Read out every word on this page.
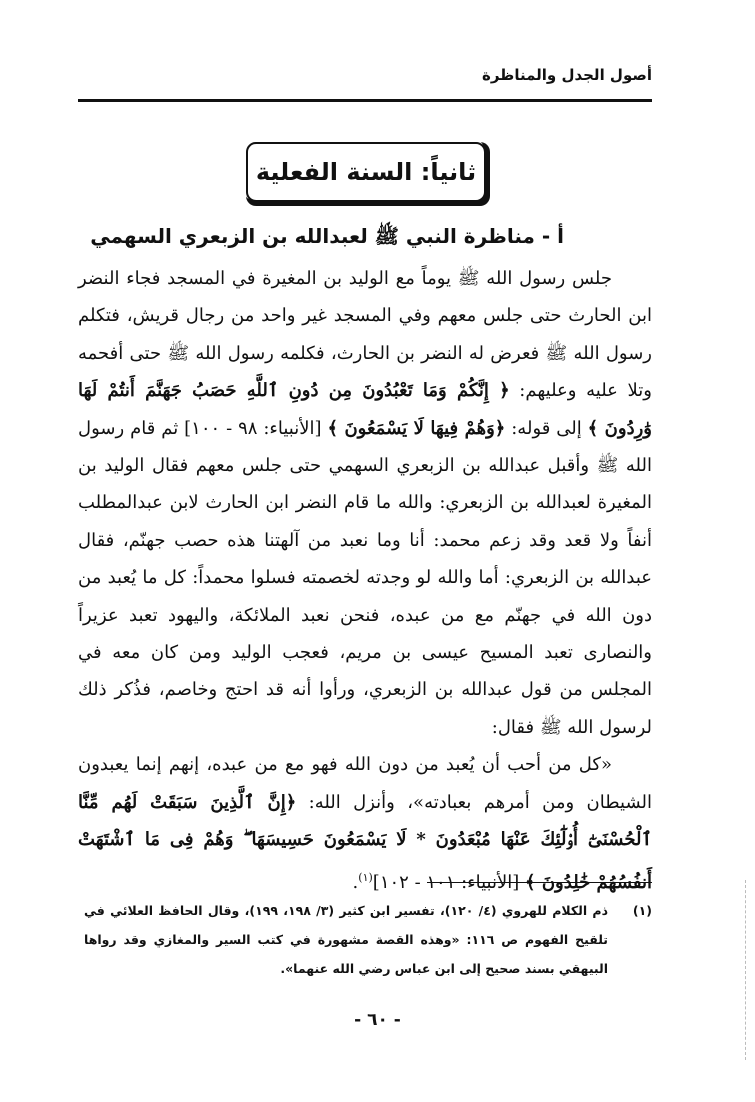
أصول الجدل والمناظرة
ثانياً: السنة الفعلية
أ - مناظرة النبي ﷺ لعبدالله بن الزبعري السهمي

جلس رسول الله ﷺ يوماً مع الوليد بن المغيرة في المسجد فجاء النضر ابن الحارث حتى جلس معهم وفي المسجد غير واحد من رجال قريش، فتكلم رسول الله ﷺ فعرض له النضر بن الحارث، فكلمه رسول الله ﷺ حتى أفحمه وتلا عليه وعليهم: ﴿ إِنَّكُمْ وَمَا تَعْبُدُونَ مِن دُونِ ٱللَّهِ حَصَبُ جَهَنَّمَ أَنتُمْ لَهَا وَٰرِدُونَ ﴾ إلى قوله: ﴿وَهُمْ فِيهَا لَا يَسْمَعُونَ ﴾ [الأنبياء: ٩٨ - ١٠٠] ثم قام رسول الله ﷺ وأقبل عبدالله بن الزبعري السهمي حتى جلس معهم فقال الوليد بن المغيرة لعبدالله بن الزبعري: والله ما قام النضر ابن الحارث لابن عبدالمطلب أنفاً ولا قعد وقد زعم محمد: أنا وما نعبد من آلهتنا هذه حصب جهنّم، فقال عبدالله بن الزبعري: أما والله لو وجدته لخصمته فسلوا محمداً: كل ما يُعبد من دون الله في جهنّم مع من عبده، فنحن نعبد الملائكة، واليهود تعبد عزيراً والنصارى تعبد المسيح عيسى بن مريم، فعجب الوليد ومن كان معه في المجلس من قول عبدالله بن الزبعري، ورأوا أنه قد احتج وخاصم، فذُكر ذلك لرسول الله ﷺ فقال:

«كل من أحب أن يُعبد من دون الله فهو مع من عبده، إنهم إنما يعبدون الشيطان ومن أمرهم بعبادته»، وأنزل الله: ﴿إِنَّ ٱلَّذِينَ سَبَقَتْ لَهُم مِّنَّا ٱلْحُسْنَىٰٓ أُو۟لَٰٓئِكَ عَنْهَا مُبْعَدُونَ * لَا يَسْمَعُونَ حَسِيسَهَا ۖ وَهُمْ فِى مَا ٱشْتَهَتْ أَنفُسُهُمْ خَٰلِدُونَ ﴾ [الأنبياء: ١٠١ - ١٠٢]$^{(١)}$.

(١)
ذم الكلام للهروي (٤/ ١٢٠)، تفسير ابن كثير (٣/ ١٩٨، ١٩٩)، وقال الحافظ العلائي في تلقيح الفهوم ص ١١٦: «وهذه القصة مشهورة في كتب السير والمغازي وقد رواها البيهقي بسند صحيح إلى ابن عباس رضي الله عنهما».
- ٦٠ -
